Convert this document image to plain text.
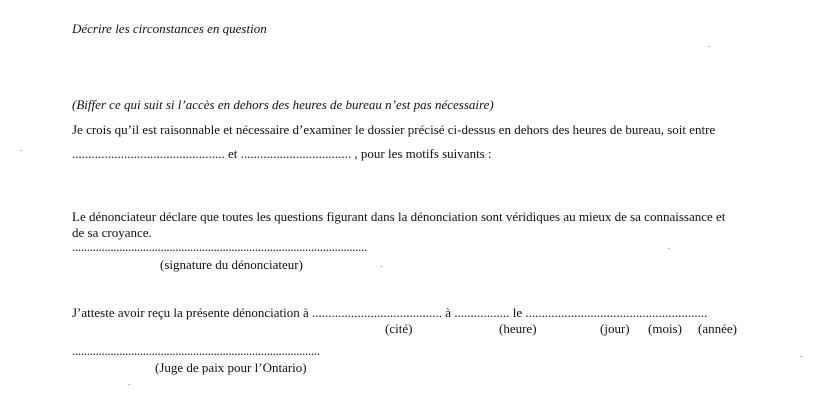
Décrire les circonstances en question
(Biffer ce qui suit si l’accès en dehors des heures de bureau n’est pas nécessaire)
Je crois qu’il est raisonnable et nécessaire d’examiner le dossier précisé ci-dessus en dehors des heures de bureau, soit entre
............................................... et .................................. , pour les motifs suivants :
Le dénonciateur déclare que toutes les questions figurant dans la dénonciation sont véridiques au mieux de sa connaissance et
de sa croyance.
....................................................................................................
(signature du dénonciateur)
J’atteste avoir reçu la présente dénonciation à ........................................ à ................. le ........................................................
(cité)	(heure)	(jour) (mois) (année)
....................................................................................
(Juge de paix pour l’Ontario)
